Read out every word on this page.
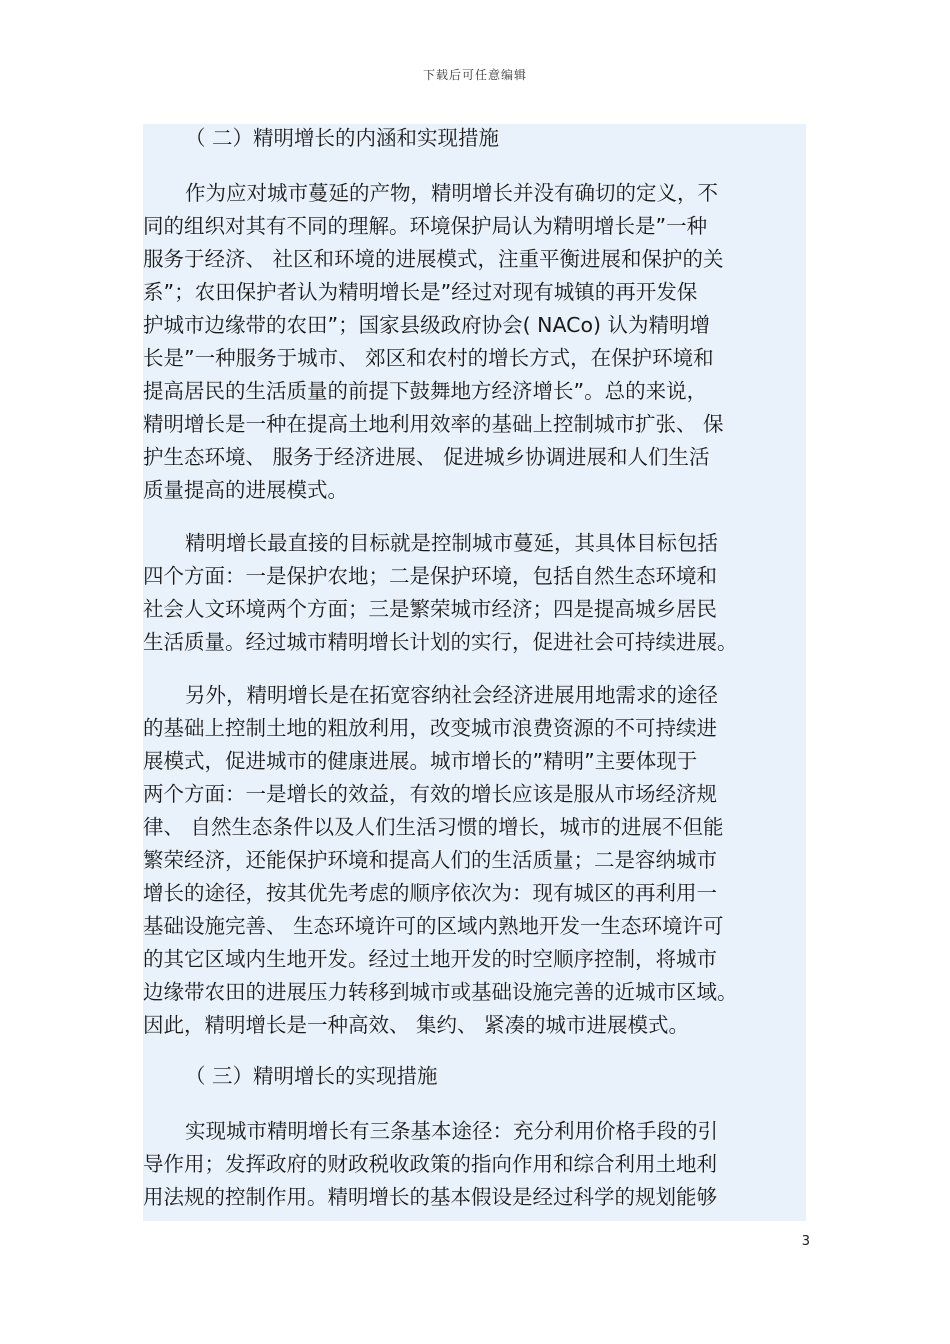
下载后可任意编辑
（ 二）精明增长的内涵和实现措施

作为应对城市蔓延的产物，精明增长并没有确切的定义，不
同的组织对其有不同的理解。环境保护局认为精明增长是”一种
服务于经济、 社区和环境的进展模式，注重平衡进展和保护的关
系”；农田保护者认为精明增长是”经过对现有城镇的再开发保
护城市边缘带的农田”；国家县级政府协会( NACo) 认为精明增
长是”一种服务于城市、 郊区和农村的增长方式，在保护环境和
提高居民的生活质量的前提下鼓舞地方经济增长”。总的来说，
精明增长是一种在提高土地利用效率的基础上控制城市扩张、 保
护生态环境、 服务于经济进展、 促进城乡协调进展和人们生活
质量提高的进展模式。

精明增长最直接的目标就是控制城市蔓延，其具体目标包括
四个方面：一是保护农地；二是保护环境，包括自然生态环境和
社会人文环境两个方面；三是繁荣城市经济；四是提高城乡居民
生活质量。经过城市精明增长计划的实行，促进社会可持续进展。

另外，精明增长是在拓宽容纳社会经济进展用地需求的途径
的基础上控制土地的粗放利用，改变城市浪费资源的不可持续进
展模式，促进城市的健康进展。城市增长的”精明”主要体现于
两个方面：一是增长的效益，有效的增长应该是服从市场经济规
律、 自然生态条件以及人们生活习惯的增长，城市的进展不但能
繁荣经济，还能保护环境和提高人们的生活质量；二是容纳城市
增长的途径，按其优先考虑的顺序依次为：现有城区的再利用一
基础设施完善、 生态环境许可的区域内熟地开发一生态环境许可
的其它区域内生地开发。经过土地开发的时空顺序控制，将城市
边缘带农田的进展压力转移到城市或基础设施完善的近城市区域。
因此，精明增长是一种高效、 集约、 紧凑的城市进展模式。

（ 三）精明增长的实现措施

实现城市精明增长有三条基本途径：充分利用价格手段的引
导作用；发挥政府的财政税收政策的指向作用和综合利用土地利
用法规的控制作用。精明增长的基本假设是经过科学的规划能够

3
